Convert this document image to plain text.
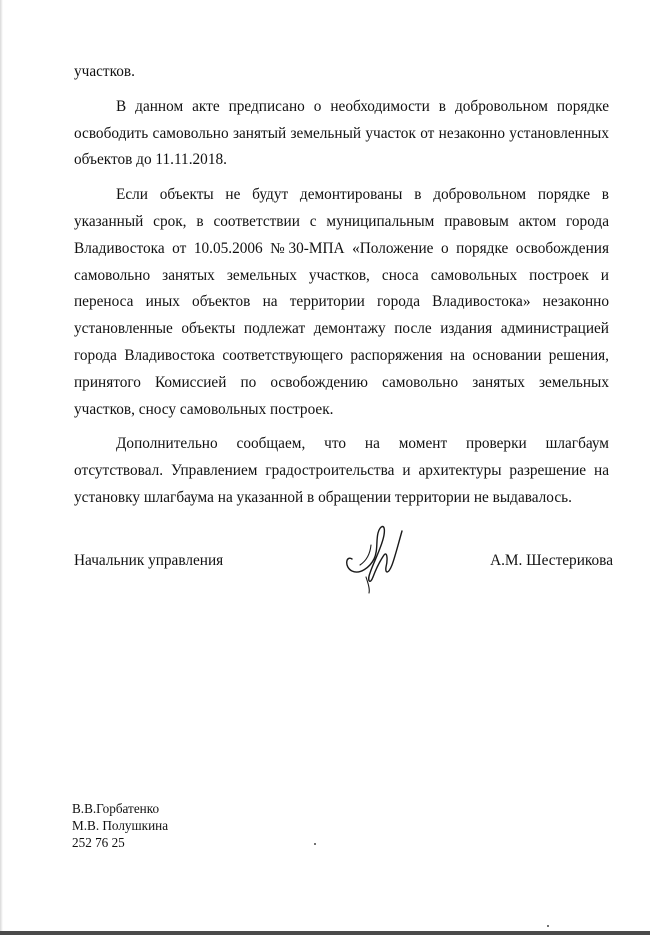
участков.

В данном акте предписано о необходимости в добровольном порядке освободить самовольно занятый земельный участок от незаконно установленных объектов до 11.11.2018.

Если объекты не будут демонтированы в добровольном порядке в указанный срок, в соответствии с муниципальным правовым актом города Владивостока от 10.05.2006 №30-МПА «Положение о порядке освобождения самовольно занятых земельных участков, сноса самовольных построек и переноса иных объектов на территории города Владивостока» незаконно установленные объекты подлежат демонтажу после издания администрацией города Владивостока соответствующего распоряжения на основании решения, принятого Комиссией по освобождению самовольно занятых земельных участков, сносу самовольных построек.

Дополнительно сообщаем, что на момент проверки шлагбаум отсутствовал. Управлением градостроительства и архитектуры разрешение на установку шлагбаума на указанной в обращении территории не выдавалось.

Начальник управления	А.М. Шестерикова
В.В.Горбатенко
М.В. Полушкина
252 76 25
